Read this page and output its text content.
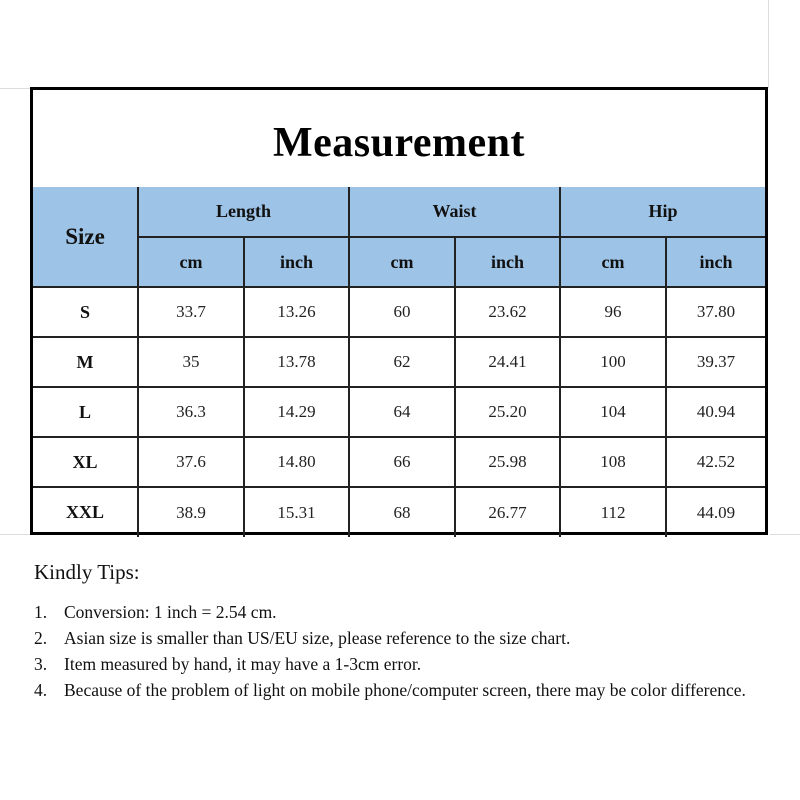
Measurement
Size	Length		Waist		Hip	
	cm	inch	cm	inch	cm	inch
S	33.7	13.26	60	23.62	96	37.80
M	35	13.78	62	24.41	100	39.37
L	36.3	14.29	64	25.20	104	40.94
XL	37.6	14.80	66	25.98	108	42.52
XXL	38.9	15.31	68	26.77	112	44.09
Kindly Tips:
1. Conversion: 1 inch = 2.54 cm.
2. Asian size is smaller than US/EU size, please reference to the size chart.
3. Item measured by hand, it may have a 1-3cm error.
4. Because of the problem of light on mobile phone/computer screen, there may be color difference.
